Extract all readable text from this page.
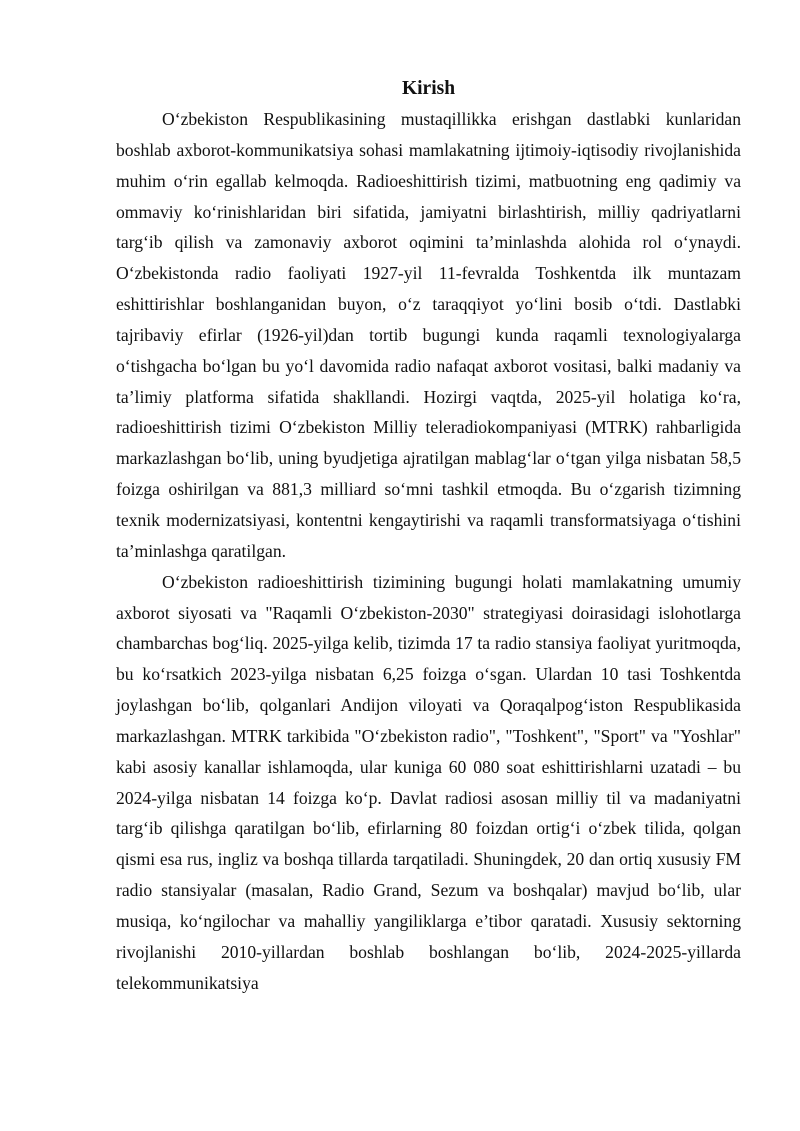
Kirish

O‘zbekiston Respublikasining mustaqillikka erishgan dastlabki kunlaridan boshlab axborot-kommunikatsiya sohasi mamlakatning ijtimoiy-iqtisodiy rivojlanishida muhim o‘rin egallab kelmoqda. Radioeshittirish tizimi, matbuotning eng qadimiy va ommaviy ko‘rinishlaridan biri sifatida, jamiyatni birlashtirish, milliy qadriyatlarni targ‘ib qilish va zamonaviy axborot oqimini ta’minlashda alohida rol o‘ynaydi. O‘zbekistonda radio faoliyati 1927-yil 11-fevralda Toshkentda ilk muntazam eshittirishlar boshlanganidan buyon, o‘z taraqqiyot yo‘lini bosib o‘tdi. Dastlabki tajribaviy efirlar (1926-yil)dan tortib bugungi kunda raqamli texnologiyalarga o‘tishgacha bo‘lgan bu yo‘l davomida radio nafaqat axborot vositasi, balki madaniy va ta’limiy platforma sifatida shakllandi. Hozirgi vaqtda, 2025-yil holatiga ko‘ra, radioeshittirish tizimi O‘zbekiston Milliy teleradiokompaniyasi (MTRK) rahbarligida markazlashgan bo‘lib, uning byudjetiga ajratilgan mablag‘lar o‘tgan yilga nisbatan 58,5 foizga oshirilgan va 881,3 milliard so‘mni tashkil etmoqda. Bu o‘zgarish tizimning texnik modernizatsiyasi, kontentni kengaytirishi va raqamli transformatsiyaga o‘tishini ta’minlashga qaratilgan.

O‘zbekiston radioeshittirish tizimining bugungi holati mamlakatning umumiy axborot siyosati va "Raqamli O‘zbekiston-2030" strategiyasi doirasidagi islohotlarga chambarchas bog‘liq. 2025-yilga kelib, tizimda 17 ta radio stansiya faoliyat yuritmoqda, bu ko‘rsatkich 2023-yilga nisbatan 6,25 foizga o‘sgan. Ulardan 10 tasi Toshkentda joylashgan bo‘lib, qolganlari Andijon viloyati va Qoraqalpog‘iston Respublikasida markazlashgan. MTRK tarkibida "O‘zbekiston radio", "Toshkent", "Sport" va "Yoshlar" kabi asosiy kanallar ishlamoqda, ular kuniga 60 080 soat eshittirishlarni uzatadi – bu 2024-yilga nisbatan 14 foizga ko‘p. Davlat radiosi asosan milliy til va madaniyatni targ‘ib qilishga qaratilgan bo‘lib, efirlarning 80 foizdan ortig‘i o‘zbek tilida, qolgan qismi esa rus, ingliz va boshqa tillarda tarqatiladi. Shuningdek, 20 dan ortiq xususiy FM radio stansiyalar (masalan, Radio Grand, Sezum va boshqalar) mavjud bo‘lib, ular musiqa, ko‘ngilochar va mahalliy yangiliklarga e’tibor qaratadi. Xususiy sektorning rivojlanishi 2010-yillardan boshlab boshlangan bo‘lib, 2024-2025-yillarda telekommunikatsiya
